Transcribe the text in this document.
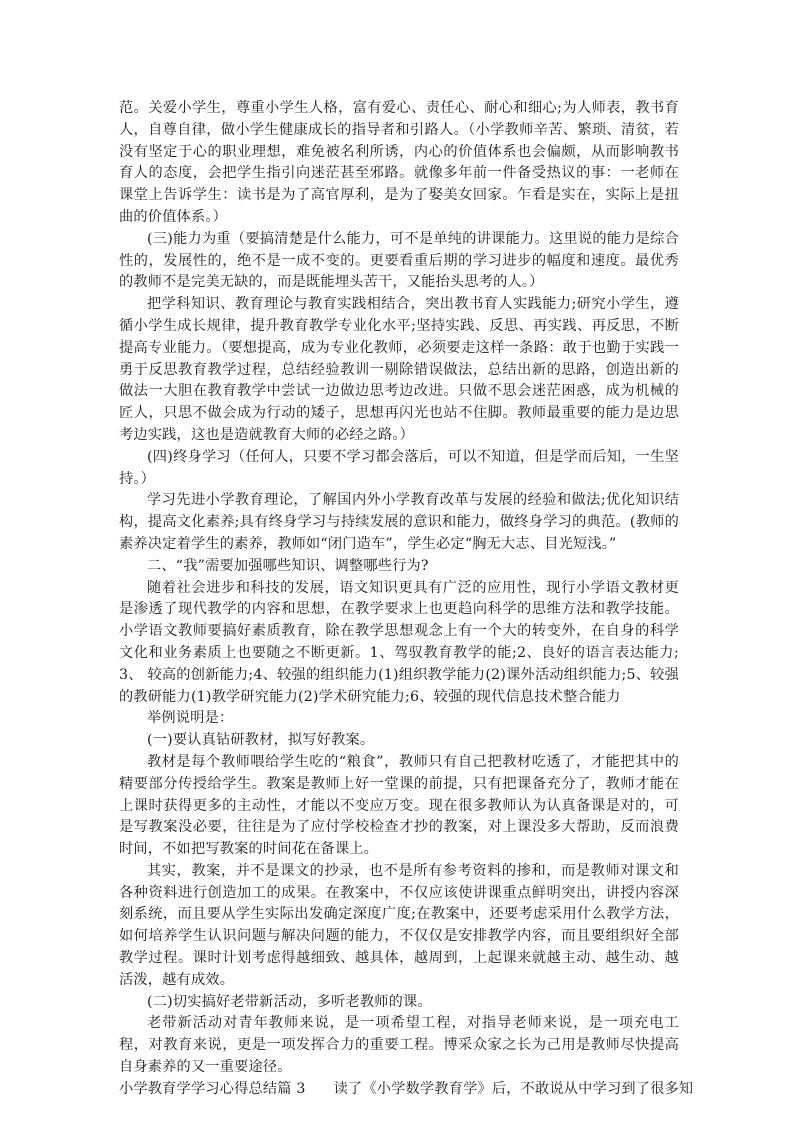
范。关爱小学生，尊重小学生人格，富有爱心、责任心、耐心和细心;为人师表，教书育人，自尊自律，做小学生健康成长的指导者和引路人。（小学教师辛苦、繁琐、清贫，若没有坚定于心的职业理想，难免被名利所诱，内心的价值体系也会偏颇，从而影响教书育人的态度，会把学生指引向迷茫甚至邪路。就像多年前一件备受热议的事：一老师在课堂上告诉学生：读书是为了高官厚利，是为了娶美女回家。乍看是实在，实际上是扭曲的价值体系。）

(三)能力为重（要搞清楚是什么能力，可不是单纯的讲课能力。这里说的能力是综合性的，发展性的，绝不是一成不变的。更要看重后期的学习进步的幅度和速度。最优秀的教师不是完美无缺的，而是既能埋头苦干，又能抬头思考的人。）

把学科知识、教育理论与教育实践相结合，突出教书育人实践能力;研究小学生，遵循小学生成长规律，提升教育教学专业化水平;坚持实践、反思、再实践、再反思，不断提高专业能力。（要想提高，成为专业化教师，必须要走这样一条路：敢于也勤于实践一勇于反思教育教学过程，总结经验教训一剔除错误做法，总结出新的思路，创造出新的做法一大胆在教育教学中尝试一边做边思考边改进。只做不思会迷茫困惑，成为机械的匠人，只思不做会成为行动的矮子，思想再闪光也站不住脚。教师最重要的能力是边思考边实践，这也是造就教育大师的必经之路。）

(四)终身学习（任何人，只要不学习都会落后，可以不知道，但是学而后知，一生坚持。）

学习先进小学教育理论，了解国内外小学教育改革与发展的经验和做法;优化知识结构，提高文化素养;具有终身学习与持续发展的意识和能力，做终身学习的典范。(教师的素养决定着学生的素养，教师如“闭门造车”，学生必定“胸无大志、目光短浅。”

二、“我”需要加强哪些知识、调整哪些行为?

随着社会进步和科技的发展，语文知识更具有广泛的应用性，现行小学语文教材更是渗透了现代教学的内容和思想，在教学要求上也更趋向科学的思维方法和教学技能。小学语文教师要搞好素质教育，除在教学思想观念上有一个大的转变外，在自身的科学文化和业务素质上也要随之不断更新。1、驾驭教育教学的能;2、良好的语言表达能力;3、 较高的创新能力;4、较强的组织能力(1)组织教学能力(2)课外活动组织能力;5、较强的教研能力(1)教学研究能力(2)学术研究能力;6、较强的现代信息技术整合能力

举例说明是：

(一)要认真钻研教材，拟写好教案。

教材是每个教师喂给学生吃的“粮食”，教师只有自己把教材吃透了，才能把其中的精要部分传授给学生。教案是教师上好一堂课的前提，只有把课备充分了，教师才能在上课时获得更多的主动性，才能以不变应万变。现在很多教师认为认真备课是对的，可是写教案没必要，往往是为了应付学校检查才抄的教案，对上课没多大帮助，反而浪费时间，不如把写教案的时间花在备课上。

其实，教案，并不是课文的抄录，也不是所有参考资料的掺和，而是教师对课文和各种资料进行创造加工的成果。在教案中，不仅应该使讲课重点鲜明突出，讲授内容深刻系统，而且要从学生实际出发确定深度广度;在教案中，还要考虑采用什么教学方法，如何培养学生认识问题与解决问题的能力，不仅仅是安排教学内容，而且要组织好全部教学过程。课时计划考虑得越细致、越具体，越周到，上起课来就越主动、越生动、越活泼，越有成效。

(二)切实搞好老带新活动，多听老教师的课。

老带新活动对青年教师来说，是一项希望工程，对指导老师来说，是一项充电工程，对教育来说，更是一项发挥合力的重要工程。博采众家之长为己用是教师尽快提高自身素养的又一重要途径。

小学教育学学习心得总结篇 3 读了《小学数学教育学》后，不敢说从中学习到了很多知
